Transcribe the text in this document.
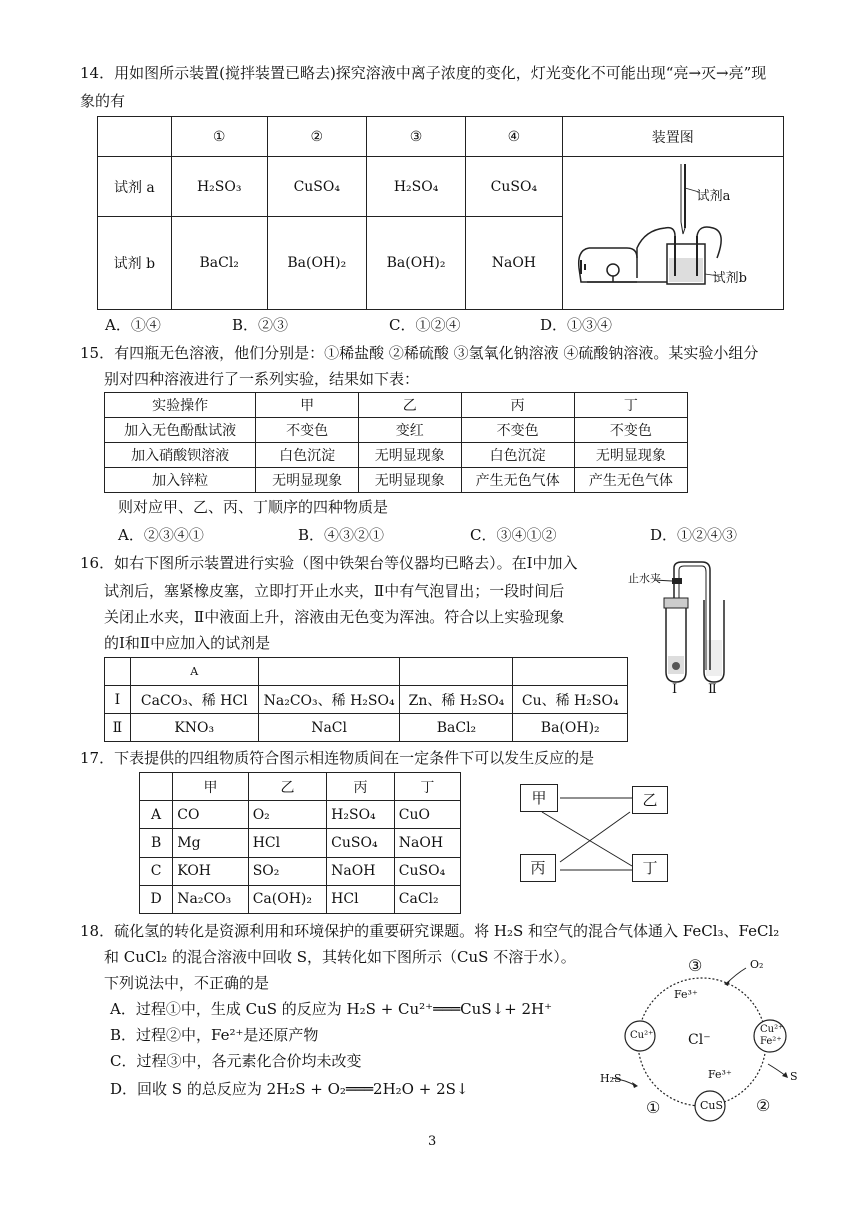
14．用如图所示装置(搅拌装置已略去)探究溶液中离子浓度的变化，灯光变化不可能出现“亮→灭→亮”现
象的有
	①	②	③	④	装置图
试剂 a	H₂SO₃	CuSO₄	H₂SO₄	CuSO₄	试剂a
试剂b

试剂 b	BaCl₂	Ba(OH)₂	Ba(OH)₂	NaOH	
A．①④	B．②③	C．①②④	D．①③④
15．有四瓶无色溶液，他们分别是：①稀盐酸 ②稀硫酸 ③氢氧化钠溶液 ④硫酸钠溶液。某实验小组分
别对四种溶液进行了一系列实验，结果如下表：
实验操作	甲	乙	丙	丁
加入无色酚酞试液	不变色	变红	不变色	不变色
加入硝酸钡溶液	白色沉淀	无明显现象	白色沉淀	无明显现象
加入锌粒	无明显现象	无明显现象	产生无色气体	产生无色气体
则对应甲、乙、丙、丁顺序的四种物质是
A．②③④①	B．④③②①	C．③④①②	D．①②④③
16．如右下图所示装置进行实验（图中铁架台等仪器均已略去）。在Ⅰ中加入
试剂后，塞紧橡皮塞，立即打开止水夹，Ⅱ中有气泡冒出；一段时间后
关闭止水夹，Ⅱ中液面上升，溶液由无色变为浑浊。符合以上实验现象
的Ⅰ和Ⅱ中应加入的试剂是
	A	B	C	D
Ⅰ	CaCO₃、稀 HCl	Na₂CO₃、稀 H₂SO₄	Zn、稀 H₂SO₄	Cu、稀 H₂SO₄
Ⅱ	KNO₃	NaCl	BaCl₂	Ba(OH)₂
止水夹
Ⅰ Ⅱ
17．下表提供的四组物质符合图示相连物质间在一定条件下可以发生反应的是
	甲	乙	丙	丁
A	CO	O₂	H₂SO₄	CuO
B	Mg	HCl	CuSO₄	NaOH
C	KOH	SO₂	NaOH	CuSO₄
D	Na₂CO₃	Ca(OH)₂	HCl	CaCl₂
甲	乙
丙	丁
18．硫化氢的转化是资源利用和环境保护的重要研究课题。将 H₂S 和空气的混合气体通入 FeCl₃、FeCl₂
和 CuCl₂ 的混合溶液中回收 S，其转化如下图所示（CuS 不溶于水）。
下列说法中，不正确的是
A．过程①中，生成 CuS 的反应为 H₂S + Cu²⁺═══CuS↓+ 2H⁺
B．过程②中，Fe²⁺是还原产物
C．过程③中，各元素化合价均未改变
D．回收 S 的总反应为 2H₂S + O₂═══2H₂O + 2S↓
③	O₂
Fe³⁺
Cu²⁺ Cl⁻
Cu²⁺
Fe²⁺
H₂S	Fe³⁺	S
①	CuS ②
3
